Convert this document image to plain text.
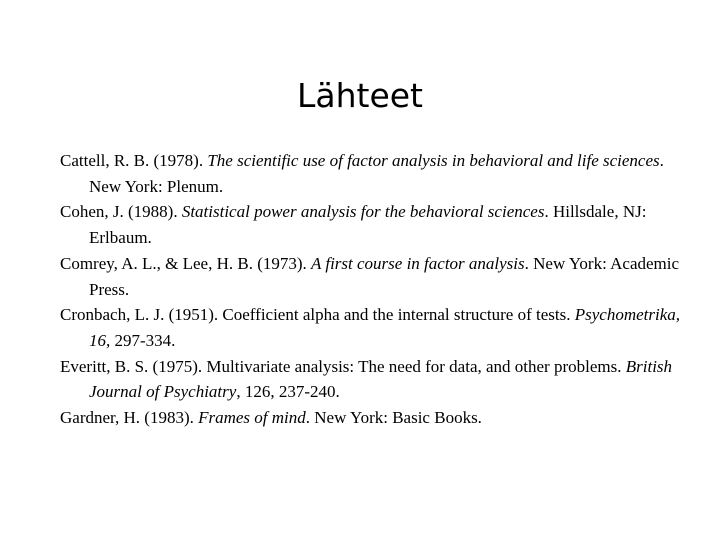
Lähteet
Cattell, R. B. (1978). The scientific use of factor analysis in behavioral and life sciences. New York: Plenum.
Cohen, J. (1988). Statistical power analysis for the behavioral sciences. Hillsdale, NJ: Erlbaum.
Comrey, A. L., & Lee, H. B. (1973). A first course in factor analysis. New York: Academic Press.
Cronbach, L. J. (1951). Coefficient alpha and the internal structure of tests. Psychometrika, 16, 297-334.
Everitt, B. S. (1975). Multivariate analysis: The need for data, and other problems. British Journal of Psychiatry, 126, 237-240.
Gardner, H. (1983). Frames of mind. New York: Basic Books.
